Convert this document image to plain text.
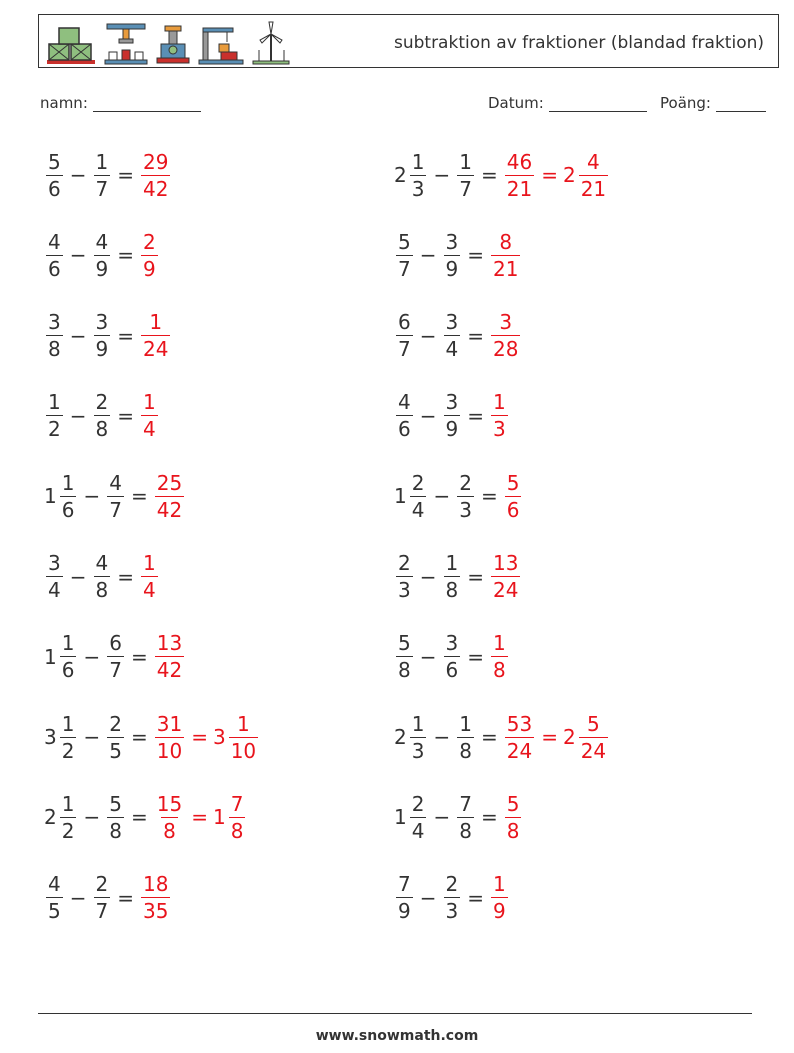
subtraktion av fraktioner (blandad fraktion)
namn:	Datum:	Poäng:
$\frac{5}{6} - \frac{1}{7} = \frac{29}{42}$	$2 \frac{1}{3} - \frac{1}{7} = \frac{46}{21} = 2 \frac{4}{21}$
$\frac{4}{6} - \frac{4}{9} = \frac{2}{9}$	$\frac{5}{7} - \frac{3}{9} = \frac{8}{21}$
$\frac{3}{8} - \frac{3}{9} = \frac{1}{24}$	$\frac{6}{7} - \frac{3}{4} = \frac{3}{28}$
$\frac{1}{2} - \frac{2}{8} = \frac{1}{4}$	$\frac{4}{6} - \frac{3}{9} = \frac{1}{3}$
$1 \frac{1}{6} - \frac{4}{7} = \frac{25}{42}$	$1 \frac{2}{4} - \frac{2}{3} = \frac{5}{6}$
$\frac{3}{4} - \frac{4}{8} = \frac{1}{4}$	$\frac{2}{3} - \frac{1}{8} = \frac{13}{24}$
$1 \frac{1}{6} - \frac{6}{7} = \frac{13}{42}$	$\frac{5}{8} - \frac{3}{6} = \frac{1}{8}$
$3 \frac{1}{2} - \frac{2}{5} = \frac{31}{10} = 3 \frac{1}{10}$	$2 \frac{1}{3} - \frac{1}{8} = \frac{53}{24} = 2 \frac{5}{24}$
$2 \frac{1}{2} - \frac{5}{8} = \frac{15}{8} = 1 \frac{7}{8}$	$1 \frac{2}{4} - \frac{7}{8} = \frac{5}{8}$
$\frac{4}{5} - \frac{2}{7} = \frac{18}{35}$	$\frac{7}{9} - \frac{2}{3} = \frac{1}{9}$
www.snowmath.com
